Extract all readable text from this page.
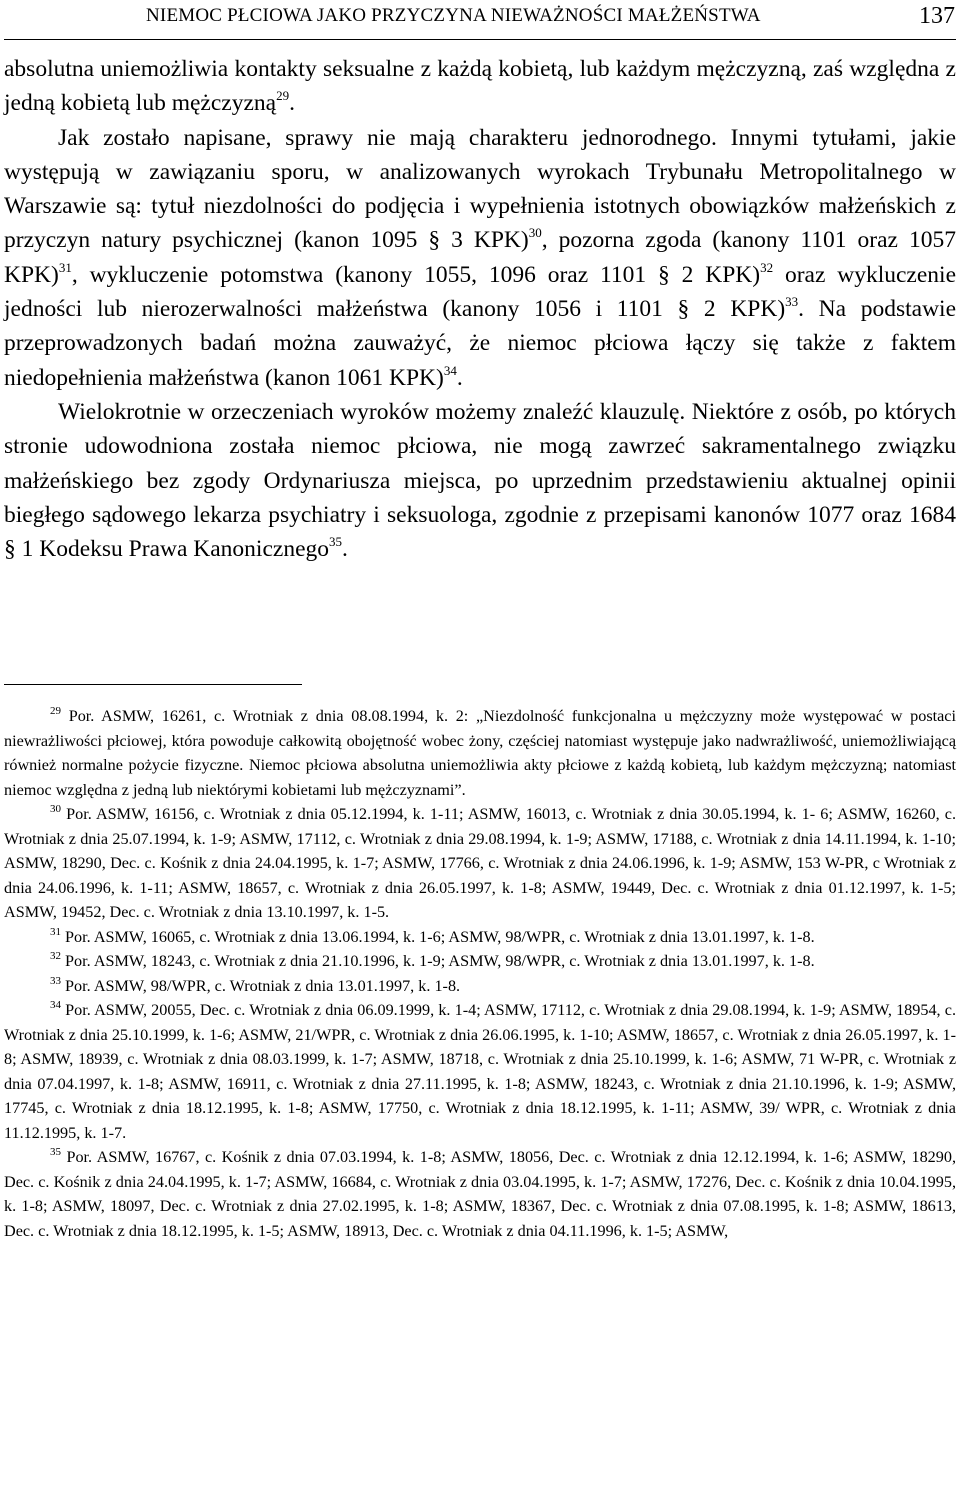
NIEMOC PŁCIOWA JAKO PRZYCZYNA NIEWAŻNOŚCI MAŁŻEŃSTWA	137

absolutna uniemożliwia kontakty seksualne z każdą kobietą, lub każdym mężczyzną, zaś względna z jedną kobietą lub mężczyzną$^{29}$.

Jak zostało napisane, sprawy nie mają charakteru jednorodnego. Innymi tytułami, jakie występują w zawiązaniu sporu, w analizowanych wyrokach Trybunału Metropolitalnego w Warszawie są: tytuł niezdolności do podjęcia i wypełnienia istotnych obowiązków małżeńskich z przyczyn natury psychicznej (kanon 1095 § 3 KPK)$^{30}$, pozorna zgoda (kanony 1101 oraz 1057 KPK)$^{31}$, wykluczenie potomstwa (kanony 1055, 1096 oraz 1101 § 2 KPK)$^{32}$ oraz wykluczenie jedności lub nierozerwalności małżeństwa (kanony 1056 i 1101 § 2 KPK)$^{33}$. Na podstawie przeprowadzonych badań można zauważyć, że niemoc płciowa łączy się także z faktem niedopełnienia małżeństwa (kanon 1061 KPK)$^{34}$.

Wielokrotnie w orzeczeniach wyroków możemy znaleźć klauzulę. Niektóre z osób, po których stronie udowodniona została niemoc płciowa, nie mogą zawrzeć sakramentalnego związku małżeńskiego bez zgody Ordynariusza miejsca, po uprzednim przedstawieniu aktualnej opinii biegłego sądowego lekarza psychiatry i seksuologa, zgodnie z przepisami kanonów 1077 oraz 1684 § 1 Kodeksu Prawa Kanonicznego$^{35}$.

$^{29}$ Por. ASMW, 16261, c. Wrotniak z dnia 08.08.1994, k. 2: „Niezdolność funkcjonalna u mężczyzny może występować w postaci niewrażliwości płciowej, która powoduje całkowitą obojętność wobec żony, częściej natomiast występuje jako nadwrażliwość, uniemożliwiającą również normalne pożycie fizyczne. Niemoc płciowa absolutna uniemożliwia akty płciowe z każdą kobietą, lub każdym mężczyzną; natomiast niemoc względna z jedną lub niektórymi kobietami lub mężczyznami”.

$^{30}$ Por. ASMW, 16156, c. Wrotniak z dnia 05.12.1994, k. 1-11; ASMW, 16013, c. Wrotniak z dnia 30.05.1994, k. 1- 6; ASMW, 16260, c. Wrotniak z dnia 25.07.1994, k. 1-9; ASMW, 17112, c. Wrotniak z dnia 29.08.1994, k. 1-9; ASMW, 17188, c. Wrotniak z dnia 14.11.1994, k. 1-10; ASMW, 18290, Dec. c. Kośnik z dnia 24.04.1995, k. 1-7; ASMW, 17766, c. Wrotniak z dnia 24.06.1996, k. 1-9; ASMW, 153 W-PR, c Wrotniak z dnia 24.06.1996, k. 1-11; ASMW, 18657, c. Wrotniak z dnia 26.05.1997, k. 1-8; ASMW, 19449, Dec. c. Wrotniak z dnia 01.12.1997, k. 1-5; ASMW, 19452, Dec. c. Wrotniak z dnia 13.10.1997, k. 1-5.

$^{31}$ Por. ASMW, 16065, c. Wrotniak z dnia 13.06.1994, k. 1-6; ASMW, 98/WPR, c. Wrotniak z dnia 13.01.1997, k. 1-8.

$^{32}$ Por. ASMW, 18243, c. Wrotniak z dnia 21.10.1996, k. 1-9; ASMW, 98/WPR, c. Wrotniak z dnia 13.01.1997, k. 1-8.

$^{33}$ Por. ASMW, 98/WPR, c. Wrotniak z dnia 13.01.1997, k. 1-8.

$^{34}$ Por. ASMW, 20055, Dec. c. Wrotniak z dnia 06.09.1999, k. 1-4; ASMW, 17112, c. Wrotniak z dnia 29.08.1994, k. 1-9; ASMW, 18954, c. Wrotniak z dnia 25.10.1999, k. 1-6; ASMW, 21/WPR, c. Wrotniak z dnia 26.06.1995, k. 1-10; ASMW, 18657, c. Wrotniak z dnia 26.05.1997, k. 1-8; ASMW, 18939, c. Wrotniak z dnia 08.03.1999, k. 1-7; ASMW, 18718, c. Wrotniak z dnia 25.10.1999, k. 1-6; ASMW, 71 W-PR, c. Wrotniak z dnia 07.04.1997, k. 1-8; ASMW, 16911, c. Wrotniak z dnia 27.11.1995, k. 1-8; ASMW, 18243, c. Wrotniak z dnia 21.10.1996, k. 1-9; ASMW, 17745, c. Wrotniak z dnia 18.12.1995, k. 1-8; ASMW, 17750, c. Wrotniak z dnia 18.12.1995, k. 1-11; ASMW, 39/ WPR, c. Wrotniak z dnia 11.12.1995, k. 1-7.

$^{35}$ Por. ASMW, 16767, c. Kośnik z dnia 07.03.1994, k. 1-8; ASMW, 18056, Dec. c. Wrotniak z dnia 12.12.1994, k. 1-6; ASMW, 18290, Dec. c. Kośnik z dnia 24.04.1995, k. 1-7; ASMW, 16684, c. Wrotniak z dnia 03.04.1995, k. 1-7; ASMW, 17276, Dec. c. Kośnik z dnia 10.04.1995, k. 1-8; ASMW, 18097, Dec. c. Wrotniak z dnia 27.02.1995, k. 1-8; ASMW, 18367, Dec. c. Wrotniak z dnia 07.08.1995, k. 1-8; ASMW, 18613, Dec. c. Wrotniak z dnia 18.12.1995, k. 1-5; ASMW, 18913, Dec. c. Wrotniak z dnia 04.11.1996, k. 1-5; ASMW,
